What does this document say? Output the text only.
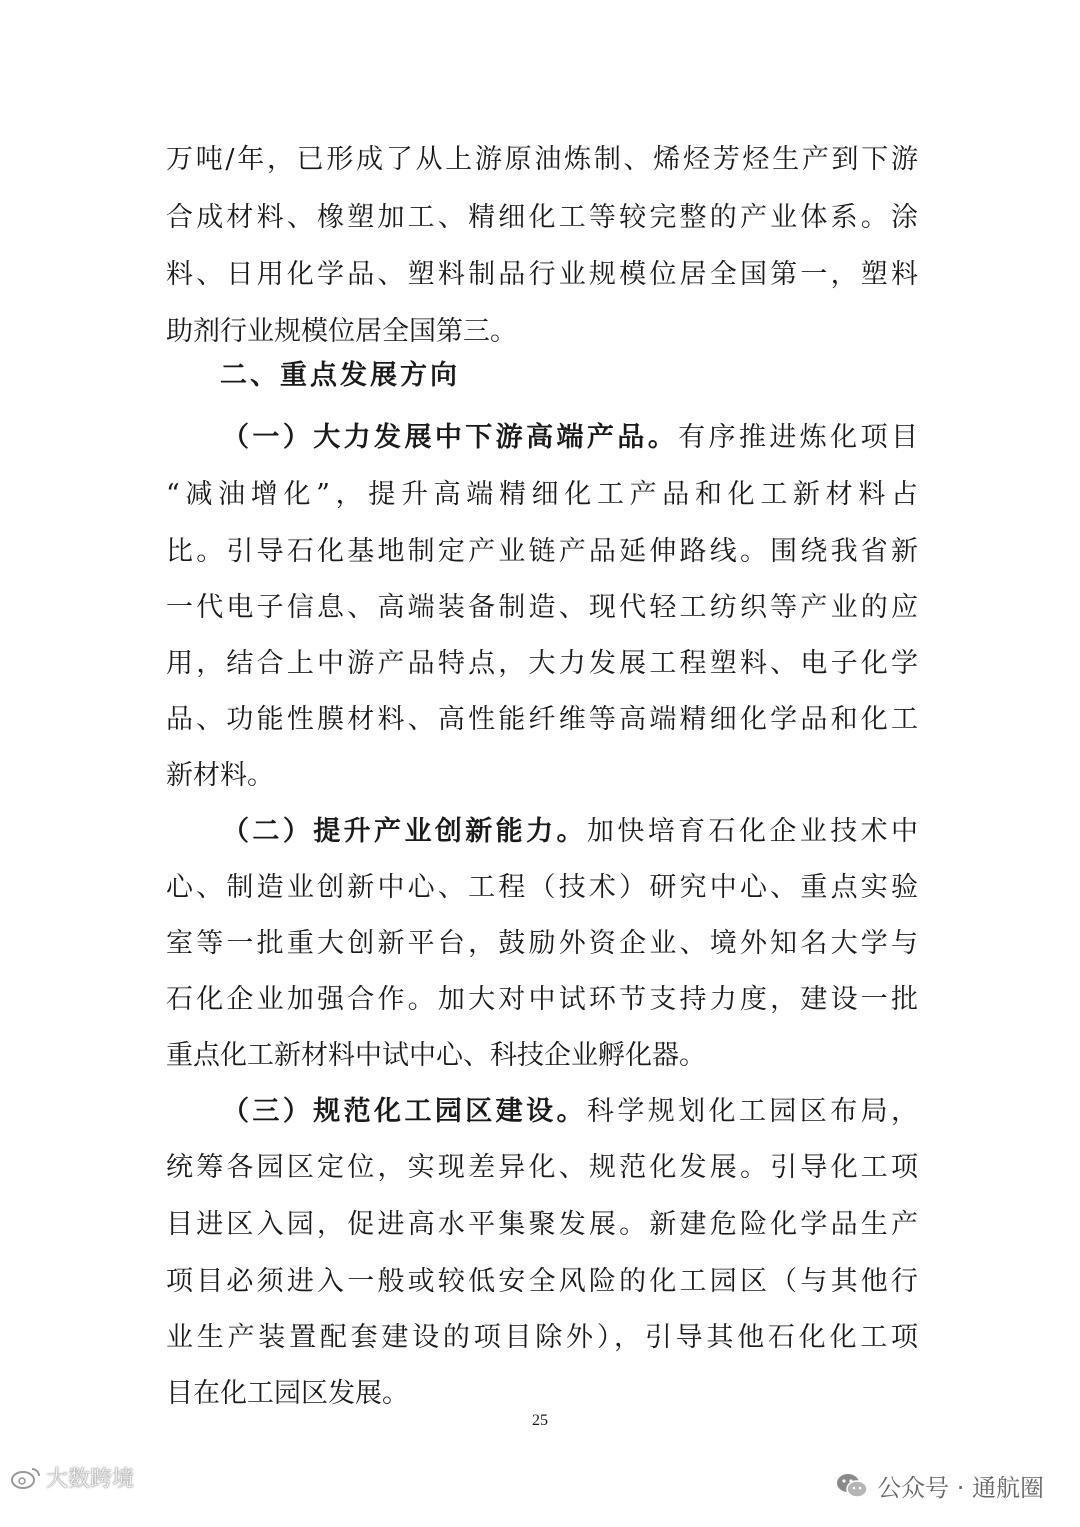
万吨/年，已形成了从上游原油炼制、烯烃芳烃生产到下游
合成材料、橡塑加工、精细化工等较完整的产业体系。涂
料、日用化学品、塑料制品行业规模位居全国第一，塑料
助剂行业规模位居全国第三。
二、重点发展方向
（一）大力发展中下游高端产品。有序推进炼化项目
“减油增化”，提升高端精细化工产品和化工新材料占
比。引导石化基地制定产业链产品延伸路线。围绕我省新
一代电子信息、高端装备制造、现代轻工纺织等产业的应
用，结合上中游产品特点，大力发展工程塑料、电子化学
品、功能性膜材料、高性能纤维等高端精细化学品和化工
新材料。
（二）提升产业创新能力。加快培育石化企业技术中
心、制造业创新中心、工程（技术）研究中心、重点实验
室等一批重大创新平台，鼓励外资企业、境外知名大学与
石化企业加强合作。加大对中试环节支持力度，建设一批
重点化工新材料中试中心、科技企业孵化器。
（三）规范化工园区建设。科学规划化工园区布局，
统筹各园区定位，实现差异化、规范化发展。引导化工项
目进区入园，促进高水平集聚发展。新建危险化学品生产
项目必须进入一般或较低安全风险的化工园区（与其他行
业生产装置配套建设的项目除外），引导其他石化化工项
目在化工园区发展。
25
大数跨境	公众号 · 通航圈
